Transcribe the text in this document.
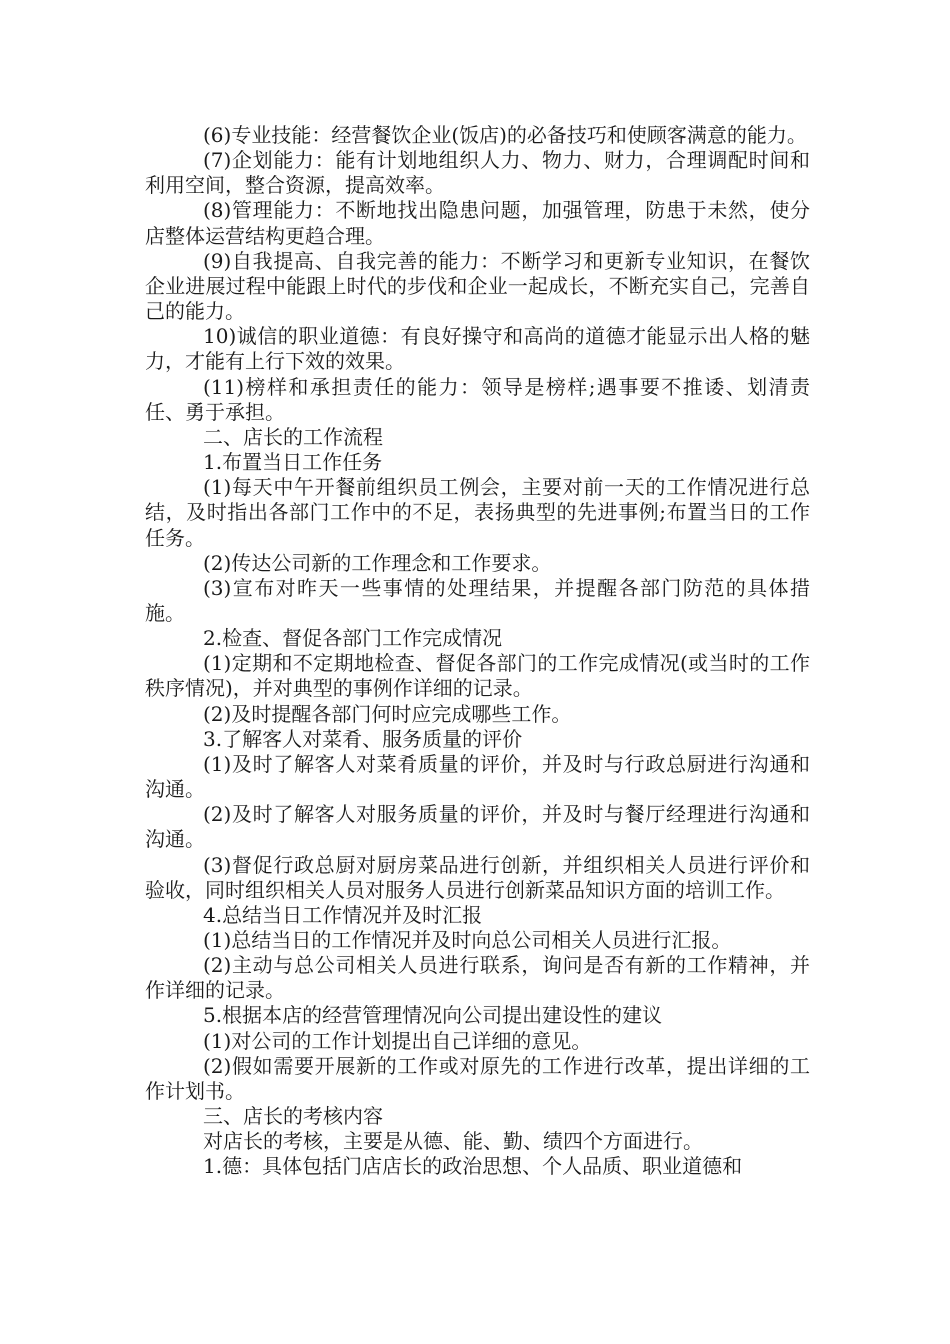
(6)专业技能：经营餐饮企业(饭店)的必备技巧和使顾客满意的能力。

(7)企划能力：能有计划地组织人力、物力、财力，合理调配时间和利用空间，整合资源，提高效率。

(8)管理能力：不断地找出隐患问题，加强管理，防患于未然，使分店整体运营结构更趋合理。

(9)自我提高、自我完善的能力：不断学习和更新专业知识，在餐饮企业进展过程中能跟上时代的步伐和企业一起成长，不断充实自己，完善自己的能力。

10)诚信的职业道德：有良好操守和高尚的道德才能显示出人格的魅力，才能有上行下效的效果。

(11)榜样和承担责任的能力：领导是榜样;遇事要不推诿、划清责任、勇于承担。

二、店长的工作流程

1.布置当日工作任务

(1)每天中午开餐前组织员工例会，主要对前一天的工作情况进行总结，及时指出各部门工作中的不足，表扬典型的先进事例;布置当日的工作任务。

(2)传达公司新的工作理念和工作要求。

(3)宣布对昨天一些事情的处理结果，并提醒各部门防范的具体措施。

2.检查、督促各部门工作完成情况

(1)定期和不定期地检查、督促各部门的工作完成情况(或当时的工作秩序情况)，并对典型的事例作详细的记录。

(2)及时提醒各部门何时应完成哪些工作。

3.了解客人对菜肴、服务质量的评价

(1)及时了解客人对菜肴质量的评价，并及时与行政总厨进行沟通和沟通。

(2)及时了解客人对服务质量的评价，并及时与餐厅经理进行沟通和沟通。

(3)督促行政总厨对厨房菜品进行创新，并组织相关人员进行评价和验收，同时组织相关人员对服务人员进行创新菜品知识方面的培训工作。

4.总结当日工作情况并及时汇报

(1)总结当日的工作情况并及时向总公司相关人员进行汇报。

(2)主动与总公司相关人员进行联系，询问是否有新的工作精神，并作详细的记录。

5.根据本店的经营管理情况向公司提出建设性的建议

(1)对公司的工作计划提出自己详细的意见。

(2)假如需要开展新的工作或对原先的工作进行改革，提出详细的工作计划书。

三、店长的考核内容

对店长的考核，主要是从德、能、勤、绩四个方面进行。

1.德：具体包括门店店长的政治思想、个人品质、职业道德和
